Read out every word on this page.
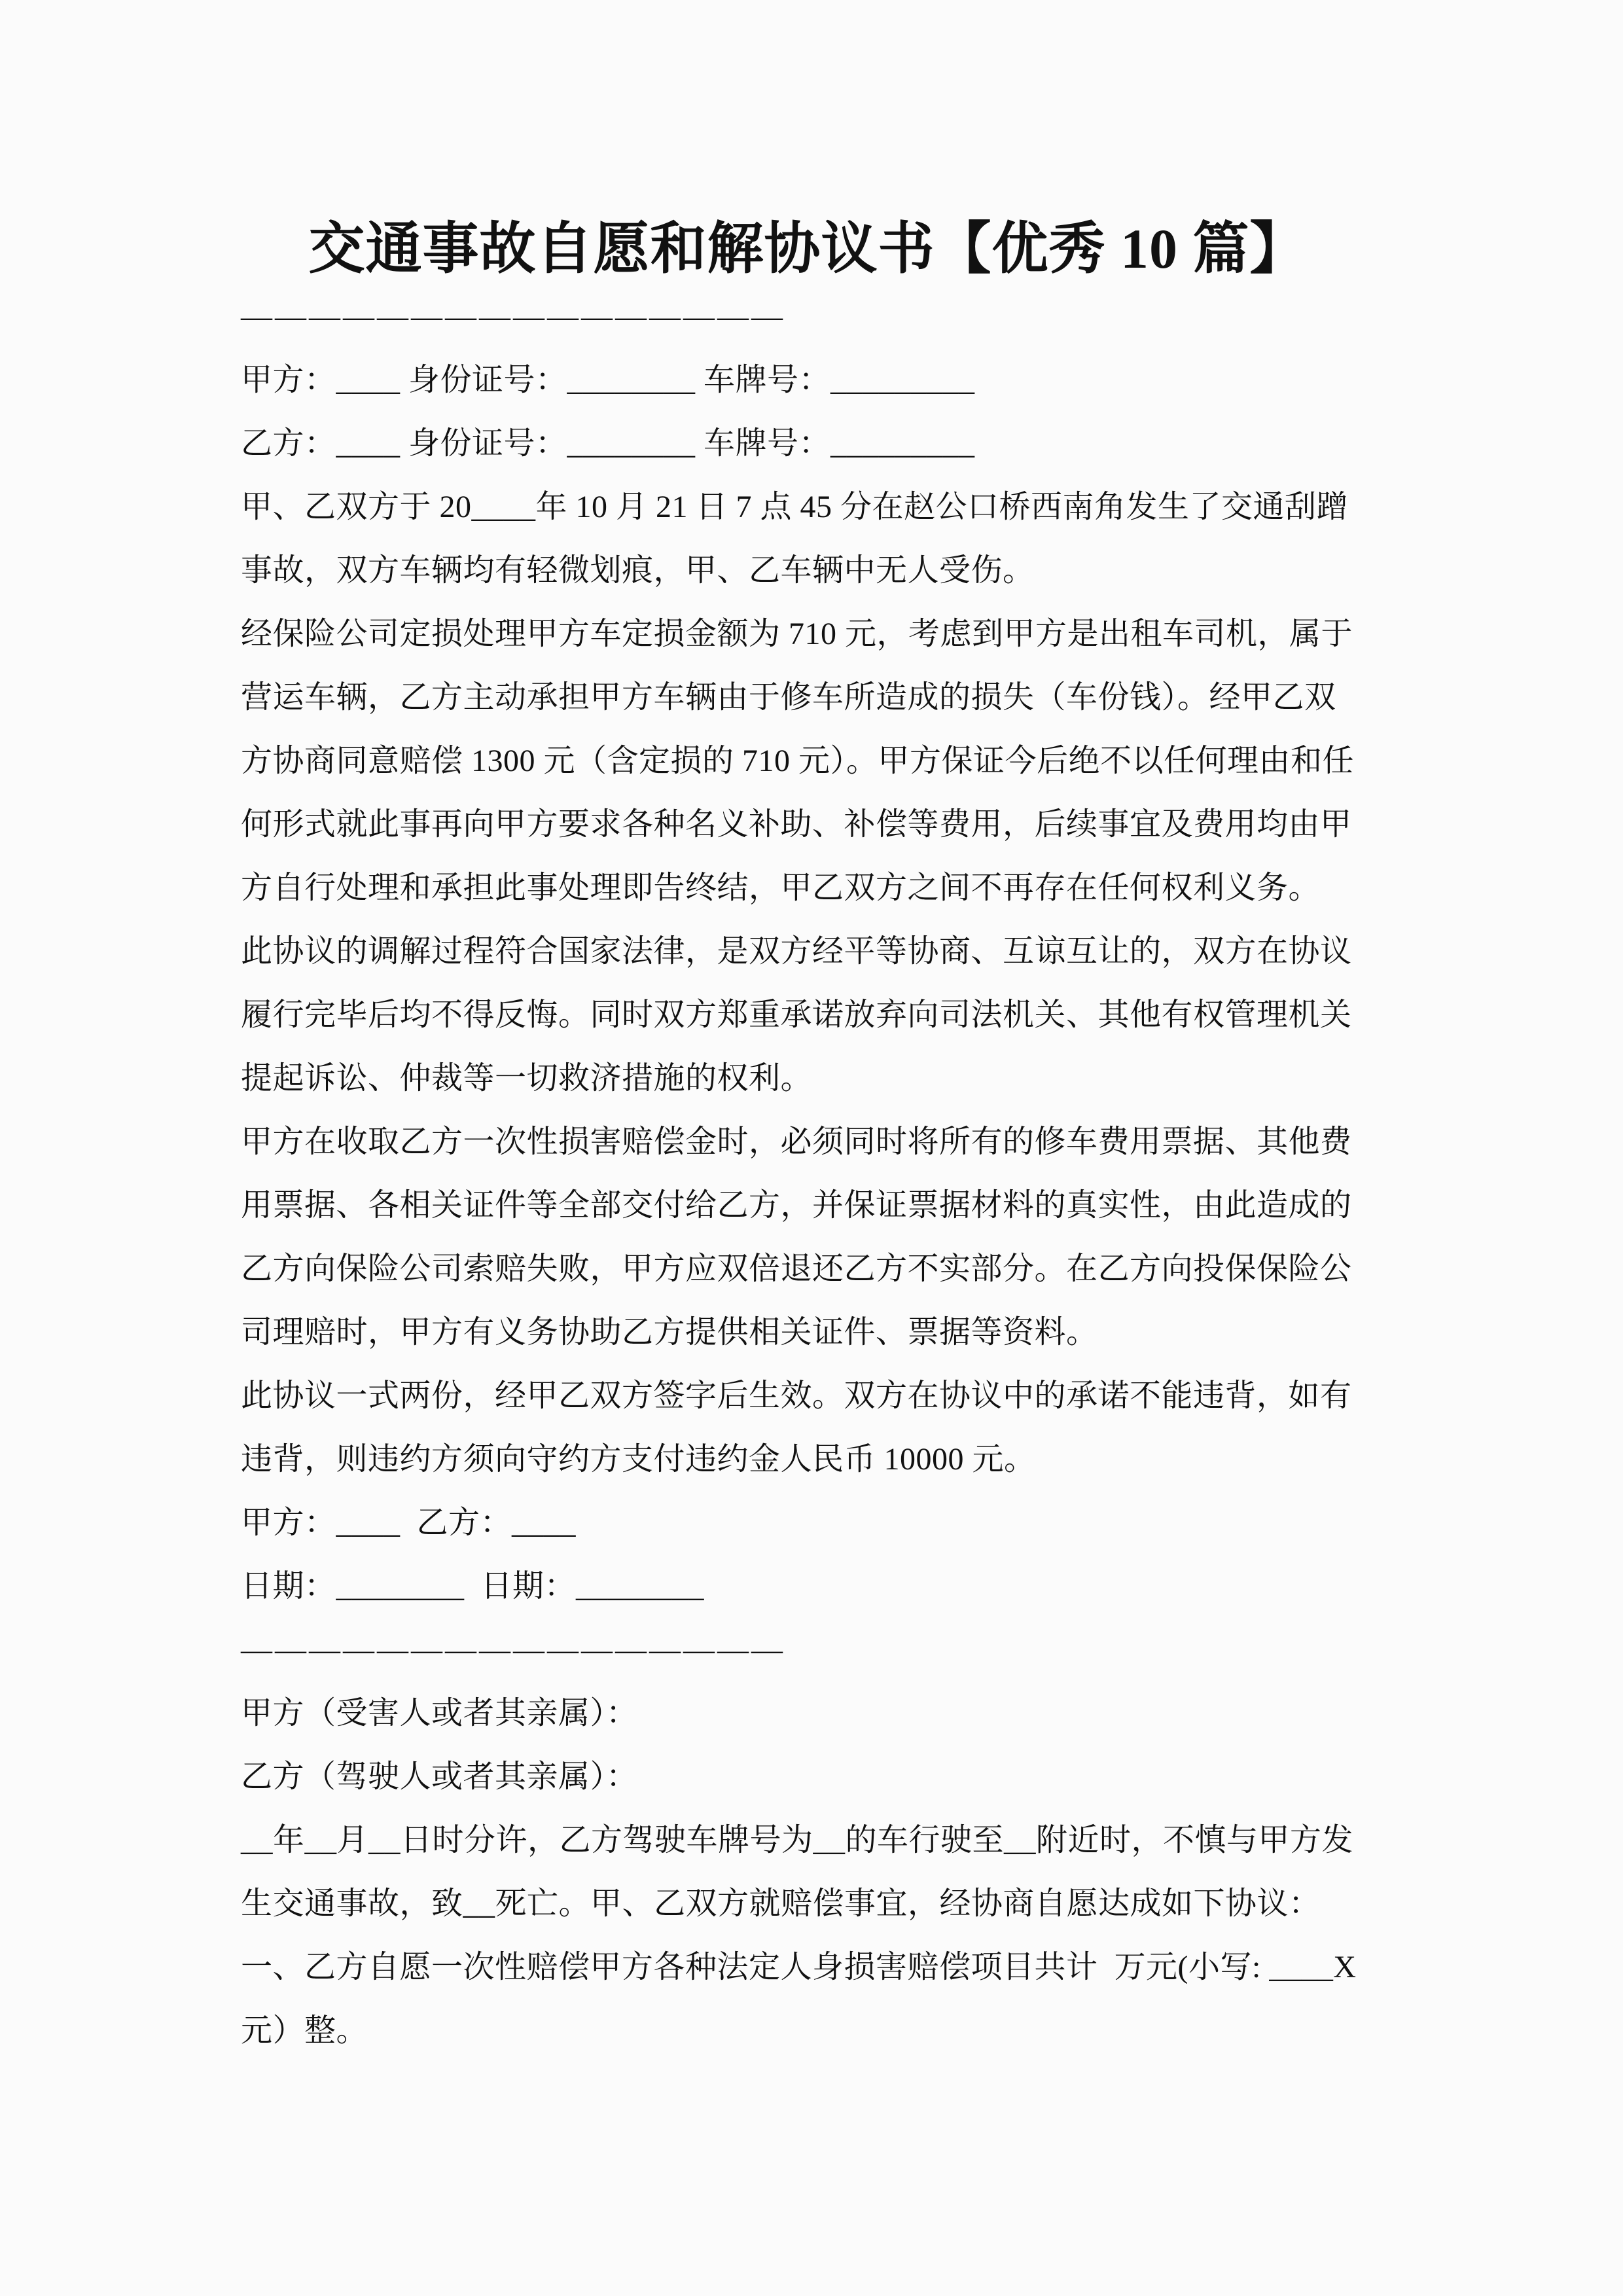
交通事故自愿和解协议书【优秀 10 篇】
————————————————
甲方：____ 身份证号：________ 车牌号：_________
乙方：____ 身份证号：________ 车牌号：_________
甲、乙双方于 20____年 10 月 21 日 7 点 45 分在赵公口桥西南角发生了交通刮蹭
事故，双方车辆均有轻微划痕，甲、乙车辆中无人受伤。
经保险公司定损处理甲方车定损金额为 710 元，考虑到甲方是出租车司机，属于
营运车辆，乙方主动承担甲方车辆由于修车所造成的损失（车份钱）。经甲乙双
方协商同意赔偿 1300 元（含定损的 710 元）。甲方保证今后绝不以任何理由和任
何形式就此事再向甲方要求各种名义补助、补偿等费用，后续事宜及费用均由甲
方自行处理和承担此事处理即告终结，甲乙双方之间不再存在任何权利义务。
此协议的调解过程符合国家法律，是双方经平等协商、互谅互让的，双方在协议
履行完毕后均不得反悔。同时双方郑重承诺放弃向司法机关、其他有权管理机关
提起诉讼、仲裁等一切救济措施的权利。
甲方在收取乙方一次性损害赔偿金时，必须同时将所有的修车费用票据、其他费
用票据、各相关证件等全部交付给乙方，并保证票据材料的真实性，由此造成的
乙方向保险公司索赔失败，甲方应双倍退还乙方不实部分。在乙方向投保保险公
司理赔时，甲方有义务协助乙方提供相关证件、票据等资料。
此协议一式两份，经甲乙双方签字后生效。双方在协议中的承诺不能违背，如有
违背，则违约方须向守约方支付违约金人民币 10000 元。
甲方：____  乙方：____
日期：________  日期：________
————————————————
甲方（受害人或者其亲属）：
乙方（驾驶人或者其亲属）：
__年__月__日时分许，乙方驾驶车牌号为__的车行驶至__附近时，不慎与甲方发
生交通事故，致__死亡。甲、乙双方就赔偿事宜，经协商自愿达成如下协议：
一、乙方自愿一次性赔偿甲方各种法定人身损害赔偿项目共计  万元(小写: ____X
元）整。
